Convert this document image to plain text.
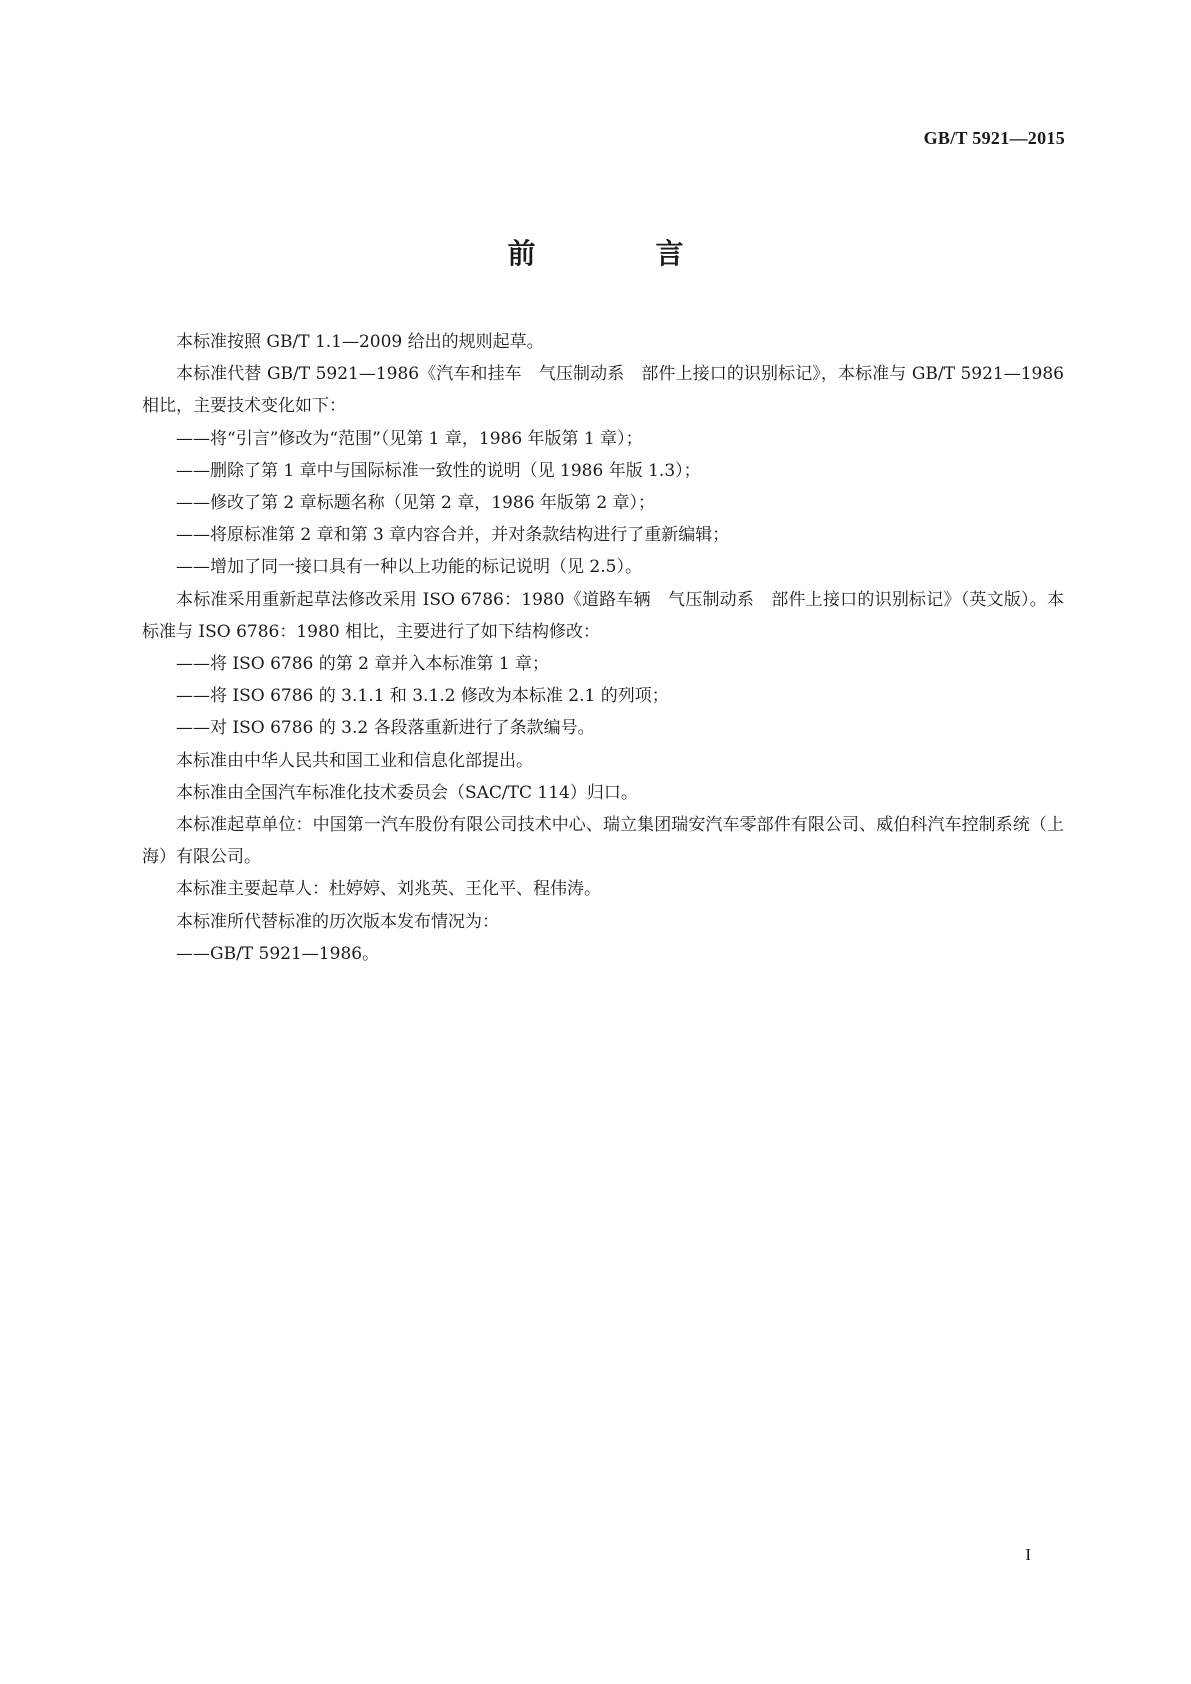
GB/T 5921—2015
前　言

本标准按照 GB/T 1.1—2009 给出的规则起草。

本标准代替 GB/T 5921—1986《汽车和挂车　气压制动系　部件上接口的识别标记》，本标准与 GB/T 5921—1986 相比，主要技术变化如下：

——将“引言”修改为“范围”（见第 1 章，1986 年版第 1 章）；

——删除了第 1 章中与国际标准一致性的说明（见 1986 年版 1.3）；

——修改了第 2 章标题名称（见第 2 章，1986 年版第 2 章）；

——将原标准第 2 章和第 3 章内容合并，并对条款结构进行了重新编辑；

——增加了同一接口具有一种以上功能的标记说明（见 2.5）。

本标准采用重新起草法修改采用 ISO 6786：1980《道路车辆　气压制动系　部件上接口的识别标记》（英文版）。本标准与 ISO 6786：1980 相比，主要进行了如下结构修改：

——将 ISO 6786 的第 2 章并入本标准第 1 章；

——将 ISO 6786 的 3.1.1 和 3.1.2 修改为本标准 2.1 的列项；

——对 ISO 6786 的 3.2 各段落重新进行了条款编号。

本标准由中华人民共和国工业和信息化部提出。

本标准由全国汽车标准化技术委员会（SAC/TC 114）归口。

本标准起草单位：中国第一汽车股份有限公司技术中心、瑞立集团瑞安汽车零部件有限公司、威伯科汽车控制系统（上海）有限公司。

本标准主要起草人：杜婷婷、刘兆英、王化平、程伟涛。

本标准所代替标准的历次版本发布情况为：

——GB/T 5921—1986。

I
